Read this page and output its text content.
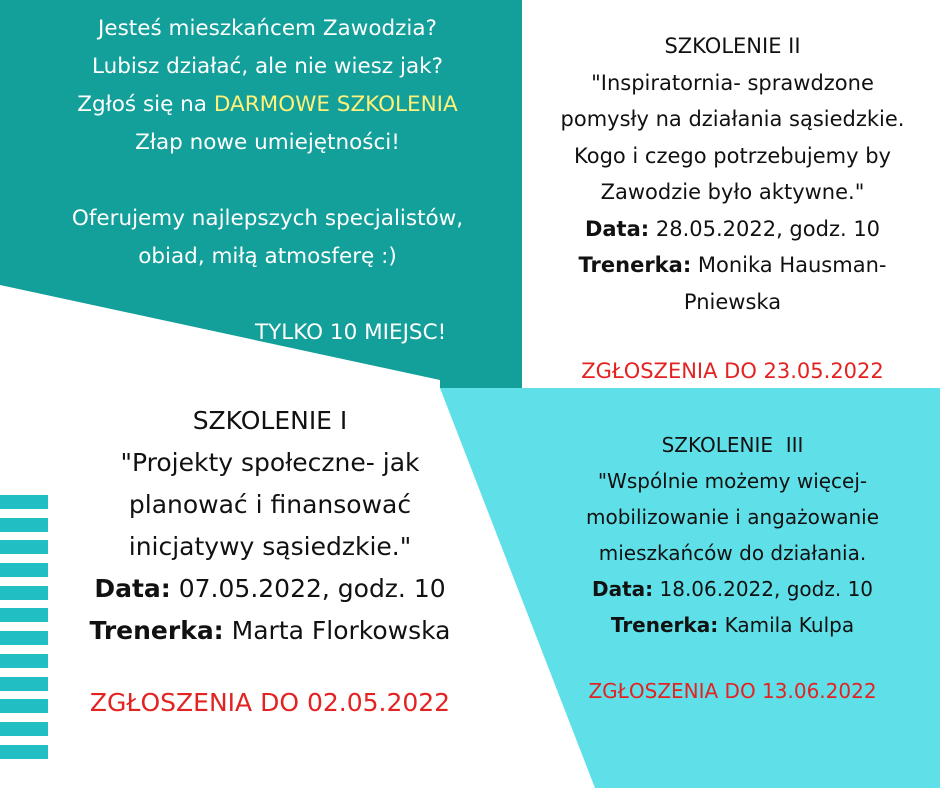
Jesteś mieszkańcem Zawodzia?
Lubisz działać, ale nie wiesz jak?
Zgłoś się na DARMOWE SZKOLENIA
Złap nowe umiejętności!
Oferujemy najlepszych specjalistów,
obiad, miłą atmosferę :)
TYLKO 10 MIEJSC!
SZKOLENIE II
"Inspiratornia- sprawdzone
pomysły na działania sąsiedzkie.
Kogo i czego potrzebujemy by
Zawodzie było aktywne."
Data: 28.05.2022, godz. 10
Trenerka: Monika Hausman-
Pniewska
ZGŁOSZENIA DO 23.05.2022
SZKOLENIE I
"Projekty społeczne- jak
planować i finansować
inicjatywy sąsiedzkie."
Data: 07.05.2022, godz. 10
Trenerka: Marta Florkowska
ZGŁOSZENIA DO 02.05.2022
SZKOLENIE  III
"Wspólnie możemy więcej-
mobilizowanie i angażowanie
mieszkańców do działania.
Data: 18.06.2022, godz. 10
Trenerka: Kamila Kulpa
ZGŁOSZENIA DO 13.06.2022
